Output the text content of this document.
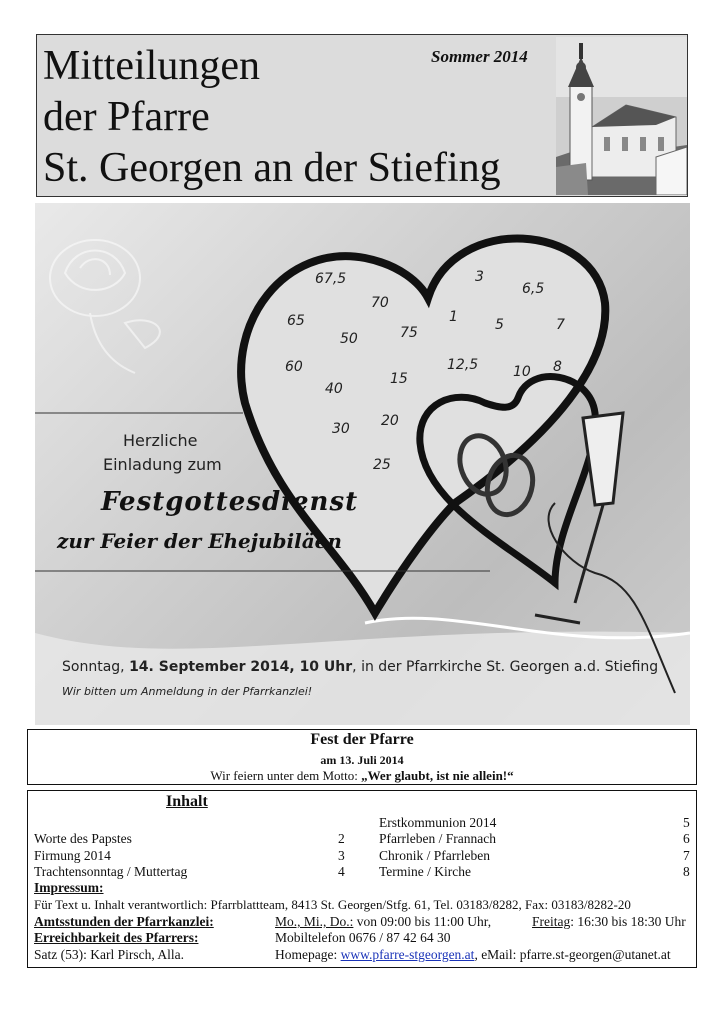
Mitteilungen
der Pfarre
St. Georgen an der Stiefing
Sommer 2014
67,5	3
6,5
70
65	1
75	5	7
50
60	12,5	8
10
15
40
20
30
25
Herzliche
Einladung zum
Festgottesdienst
zur Feier der Ehejubiläen
Sonntag, 14. September 2014, 10 Uhr, in der Pfarrkirche St. Georgen a.d. Stiefing
Wir bitten um Anmeldung in der Pfarrkanzlei!
Fest der Pfarre
am 13. Juli 2014
Wir feiern unter dem Motto: „Wer glaubt, ist nie allein!“
Inhalt
Erstkommunion 2014	5
Worte des Papstes	2	Pfarrleben / Frannach	6
Firmung 2014	3	Chronik / Pfarrleben	7
Trachtensonntag / Muttertag	4	Termine / Kirche	8
Impressum:
Für Text u. Inhalt verantwortlich: Pfarrblattteam, 8413 St. Georgen/Stfg. 61, Tel. 03183/8282, Fax: 03183/8282-20
Amtsstunden der Pfarrkanzlei:	Mo., Mi., Do.: von 09:00 bis 11:00 Uhr,	Freitag: 16:30 bis 18:30 Uhr
Erreichbarkeit des Pfarrers:	Mobiltelefon 0676 / 87 42 64 30
Satz (53): Karl Pirsch, Alla.	Homepage: www.pfarre-stgeorgen.at, eMail: pfarre.st-georgen@utanet.at
